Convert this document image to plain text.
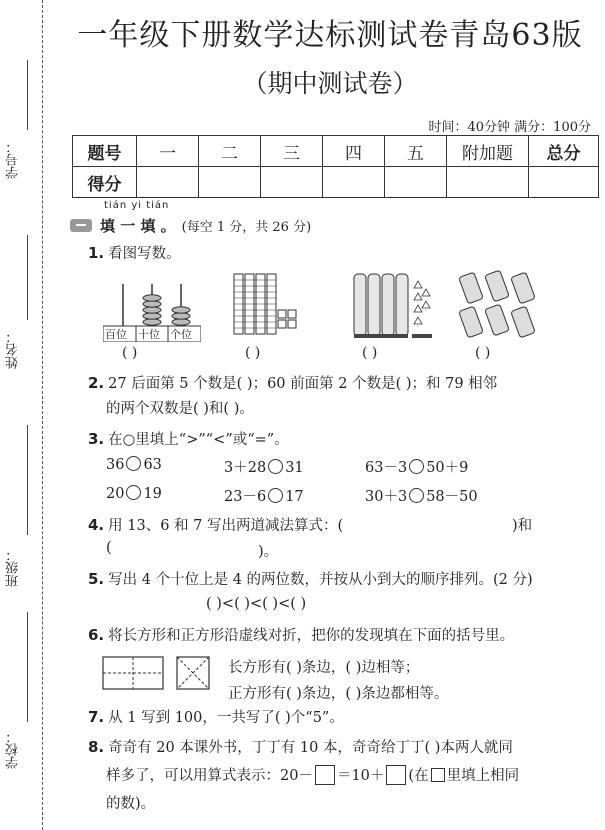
学号：
姓名：
班级：
学校：
一年级下册数学达标测试卷青岛63版
（期中测试卷）
时间：40分钟 满分：100分
题号	一	二	三	四	五	附加题	总分
得分							
tián yi tián
填 一 填 。 (每空 1 分，共 26 分)
1. 看图写数。
百位 十位 个位
( )	( )	( )	( )
2. 27 后面第 5 个数是( )；60 前面第 2 个数是( )；和 79 相邻
的两个双数是( )和( )。
3. 在○里填上“>”“<”或“=”。
36 63	3＋28 31	63－3 50＋9
20 19	23－6 17	30＋3 58－50
4. 用 13、6 和 7 写出两道减法算式：(	)和
(	)。
5. 写出 4 个十位上是 4 的两位数，并按从小到大的顺序排列。(2 分)
( )<( )<( )<( )
6. 将长方形和正方形沿虚线对折，把你的发现填在下面的括号里。
长方形有( )条边，( )边相等；
正方形有( )条边，( )条边都相等。
7. 从 1 写到 100，一共写了( )个“5”。
8. 奇奇有 20 本课外书，丁丁有 10 本，奇奇给丁丁( )本两人就同
样多了，可以用算式表示：20－ ＝10＋ (在 里填上相同
的数)。
